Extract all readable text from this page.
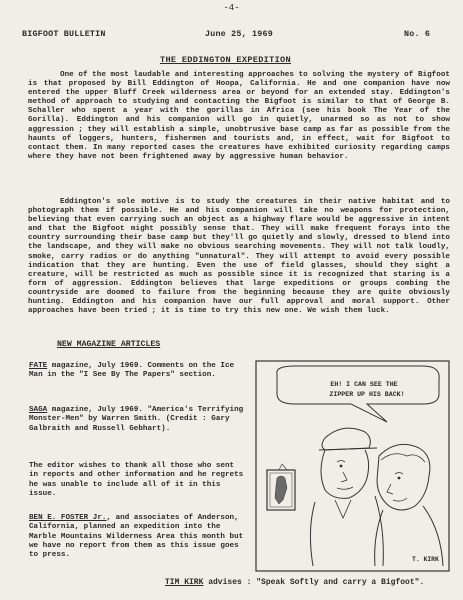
-4-
BIGFOOT BULLETIN	June 25, 1969	No. 6
THE EDDINGTON EXPEDITION
One of the most laudable and interesting approaches to solving the mystery of Bigfoot is that proposed by Bill Eddington of Hoopa, California. He and one companion have now entered the upper Bluff Creek wilderness area or beyond for an extended stay. Eddington's method of approach to studying and contacting the Bigfoot is similar to that of George B. Schaller who spent a year with the gorillas in Africa (see his book The Year of the Gorilla). Eddington and his companion will go in quietly, unarmed so as not to show aggression ; they will establish a simple, unobtrusive base camp as far as possible from the haunts of loggers, hunters, fishermen and tourists and, in effect, wait for Bigfoot to contact them. In many reported cases the creatures have exhibited curiosity regarding camps where they have not been frightened away by aggressive human behavior.
Eddington's sole motive is to study the creatures in their native habitat and to photograph them if possible. He and his companion will take no weapons for protection, believing that even carrying such an object as a highway flare would be aggressive in intent and that the Bigfoot might possibly sense that. They will make frequent forays into the country surrounding their base camp but they'll go quietly and slowly, dressed to blend into the landscape, and they will make no obvious searching movements. They will not talk loudly, smoke, carry radios or do anything "unnatural". They will attempt to avoid every possible indication that they are hunting. Even the use of field glasses, should they sight a creature, will be restricted as much as possible since it is recognized that staring is a form of aggression. Eddington believes that large expeditions or groups combing the countryside are doomed to failure from the beginning because they are quite obviously hunting. Eddington and his companion have our full approval and moral support. Other approaches have been tried ; it is time to try this new one. We wish them luck.
NEW MAGAZINE ARTICLES
FATE magazine, July 1969. Comments on the Ice Man in the "I See By The Papers" section.
SAGA magazine, July 1969. "America's Terrifying Monster-Men" by Warren Smith. (Credit : Gary Galbraith and Russell Gebhart).
The editor wishes to thank all those who sent in reports and other information and he regrets he was unable to include all of it in this issue.
BEN E. FOSTER Jr., and associates of Anderson, California, planned an expedition into the Marble Mountains Wilderness Area this month but we have no report from them as this issue goes to press.
EH! I CAN SEE THE
ZIPPER UP HIS BACK!
T. KIRK
TIM KIRK advises : "Speak Softly and carry a Bigfoot".
